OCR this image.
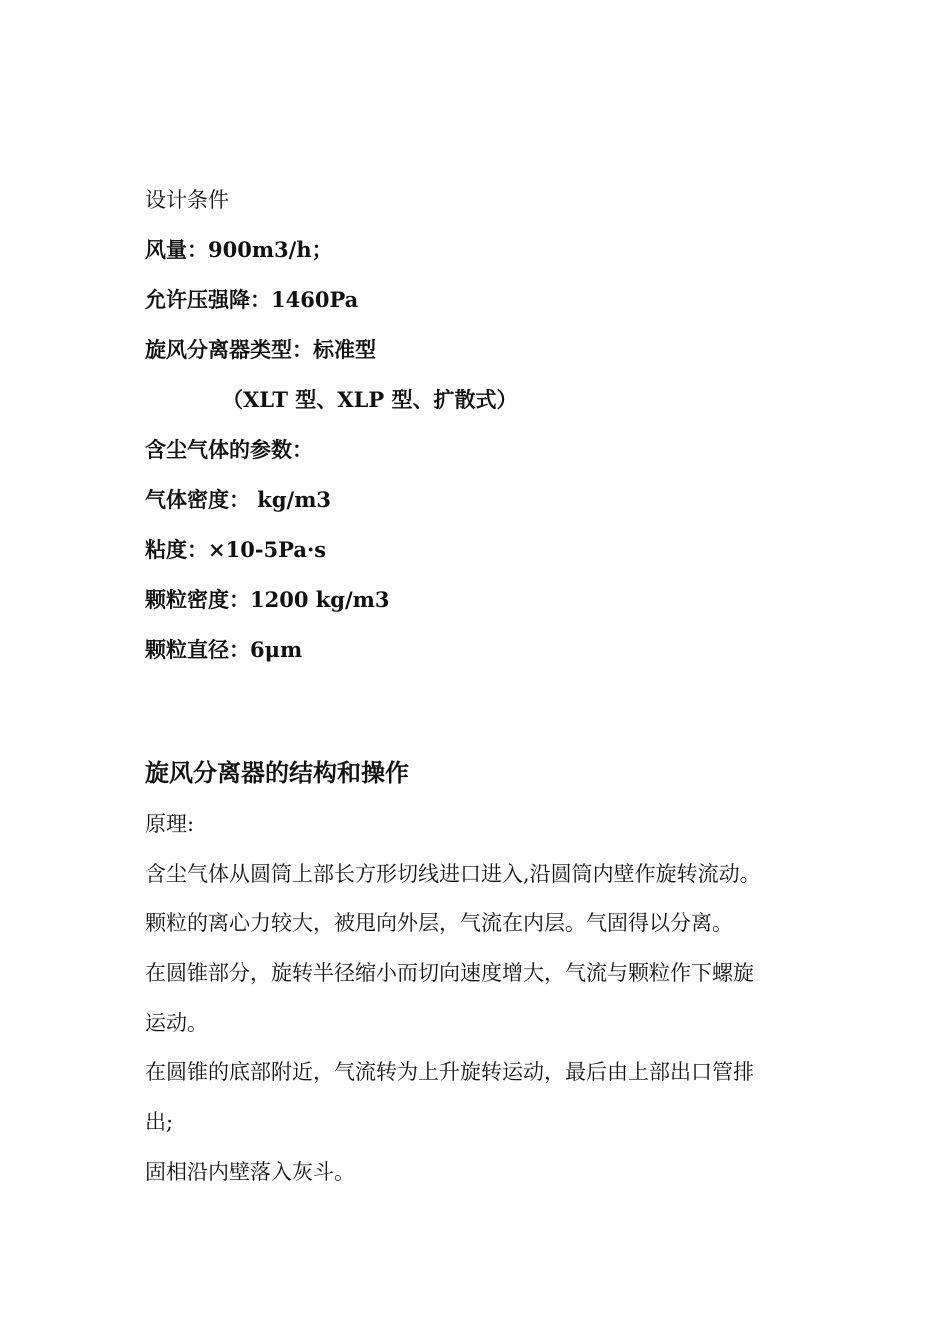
设计条件
风量：900m3/h；
允许压强降：1460Pa
旋风分离器类型：标准型
（XLT 型、XLP 型、扩散式）
含尘气体的参数：
气体密度： kg/m3
粘度：×10-5Pa·s
颗粒密度：1200 kg/m3
颗粒直径：6μm
旋风分离器的结构和操作
原理:
含尘气体从圆筒上部长方形切线进口进入,沿圆筒内壁作旋转流动。
颗粒的离心力较大，被甩向外层，气流在内层。气固得以分离。
在圆锥部分，旋转半径缩小而切向速度增大，气流与颗粒作下螺旋
运动。
在圆锥的底部附近，气流转为上升旋转运动，最后由上部出口管排
出;
固相沿内壁落入灰斗。
